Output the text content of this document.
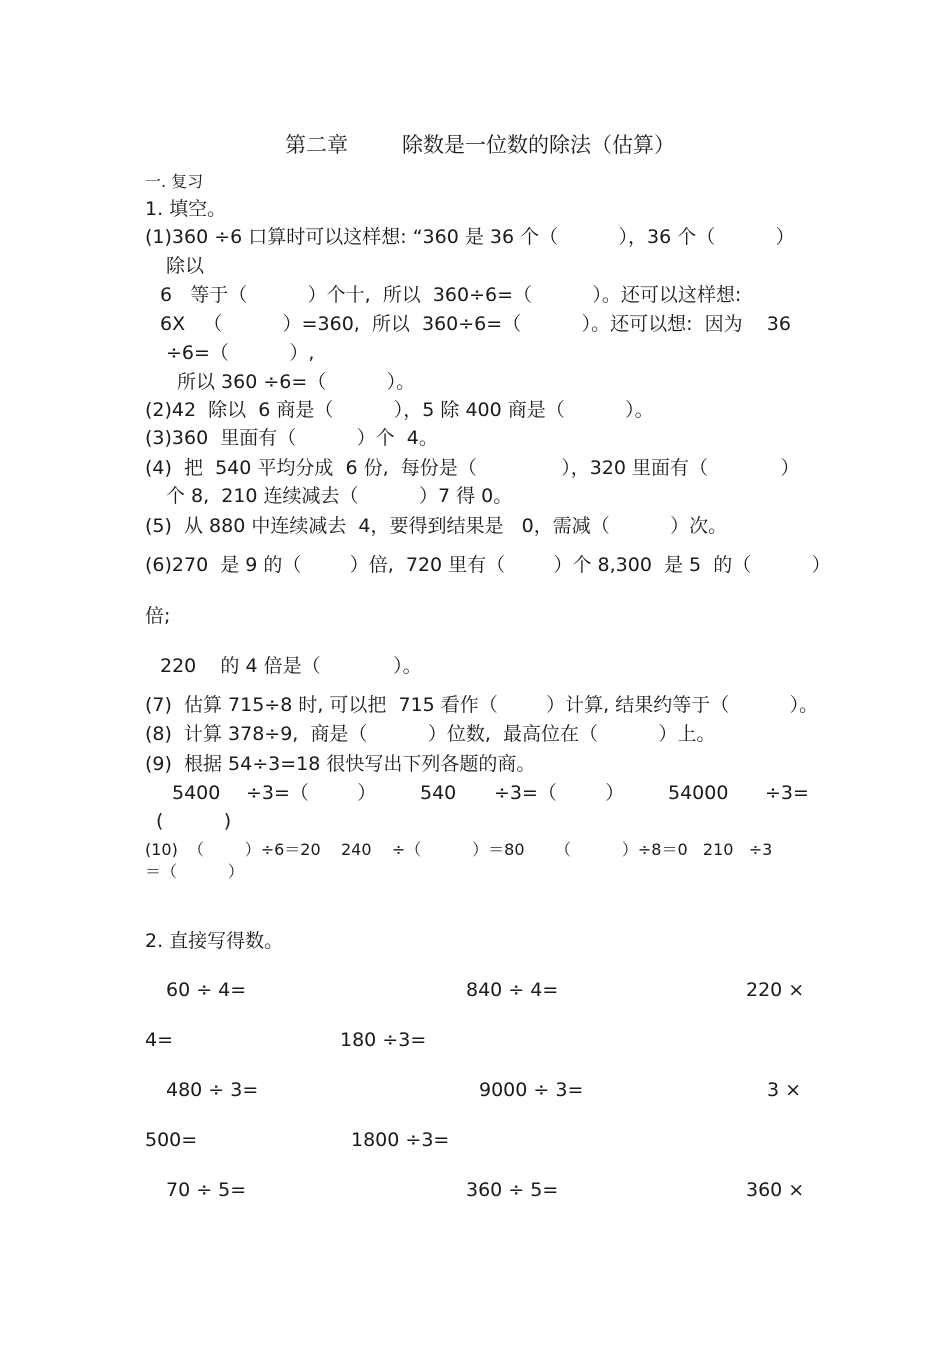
第二章	除数是一位数的除法（估算）
一. 复习
1. 填空。
(1)360 ÷6 口算时可以这样想: “360 是 36 个（          ），36 个（          ）
除以
6   等于（          ）个十,  所以  360÷6=（          ）。还可以这样想:
6X   （          ）=360,  所以  360÷6=（          ）。还可以想:  因为    36
÷6=（          ）,
所以 360 ÷6=（          ）。
(2)42  除以  6 商是（          ），5 除 400 商是（          ）。
(3)360  里面有（          ）个  4。
(4)  把  540 平均分成  6 份,  每份是（              ），320 里面有（            ）
个 8,  210 连续减去（          ）7 得 0。
(5)  从 880 中连续减去  4，要得到结果是   0，需减（          ）次。
(6)270  是 9 的（        ）倍,  720 里有（        ）个 8,300  是 5  的（          ）
倍;
220    的 4 倍是（            ）。
(7)  估算 715÷8 时, 可以把  715 看作（        ）计算, 结果约等于（          ）。
(8)  计算 378÷9,  商是（          ）位数,  最高位在（          ）上。
(9)  根据 54÷3=18 很快写出下列各题的商。
5400 ÷3=（        ） 540 ÷3=（        ） 54000 ÷3=
(          )
(10)  （        ）÷6＝20    240    ÷（          ）＝80      （          ）÷8＝0   210   ÷3
＝（          ）
2. 直接写得数。
60 ÷ 4=	840 ÷ 4=	220 ×
4=	180 ÷3=
480 ÷ 3=	9000 ÷ 3=	3 ×
500=	1800 ÷3=
70 ÷ 5=	360 ÷ 5=	360 ×
